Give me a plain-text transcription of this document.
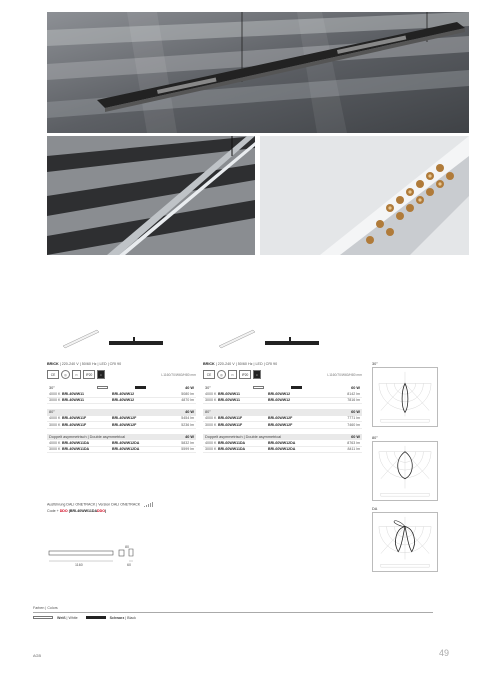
BRICK | 220-240 V | 50/60 Hz | LED | CRI 90
CE	◎	▭	IP20	▪	L1160/70/W60/H80 mm
30°	40 W
4000 K BRI-40WW11	BRI-40WW12	5080 lm
3000 K BRI-40WW11	BRI-40WW12	4870 lm
80°	40 W
4000 K BRI-40WW11F	BRI-40WW12F	5454 lm
3000 K BRI-40WW11F	BRI-40WW12F	5236 lm
Doppelt asymmetrisch | Double asymmetrical	40 W
4000 K BRI-40WW11DA	BRI-40WW12DA	5832 lm
3000 K BRI-40WW11DA	BRI-40WW12DA	5599 lm
BRICK | 220-240 V | 50/60 Hz | LED | CRI 90
CE	◎	▭	IP20	▪	L1160/70/W60/H80 mm
30°	60 W
4000 K BRI-60WW11	BRI-60WW12	8142 lm
3000 K BRI-60WW11	BRI-60WW12	7816 lm
80°	60 W
4000 K BRI-60WW11F	BRI-60WW12F	7771 lm
3000 K BRI-60WW11F	BRI-60WW12F	7460 lm
Doppelt asymmetrisch | Double asymmetrical	60 W
4000 K BRI-60WW11DA	BRI-60WW12DA	8763 lm
3000 K BRI-60WW11DA	BRI-60WW12DA	8411 lm
30°
80°
DA
Ausführung DALI ONETRACK | Version DALI ONETRACK
Code + DDO (BRI-40WW11DADDO)
1160	60
80
Farben | Colors
Weiß | White	Schwarz | Black
AGB	49
